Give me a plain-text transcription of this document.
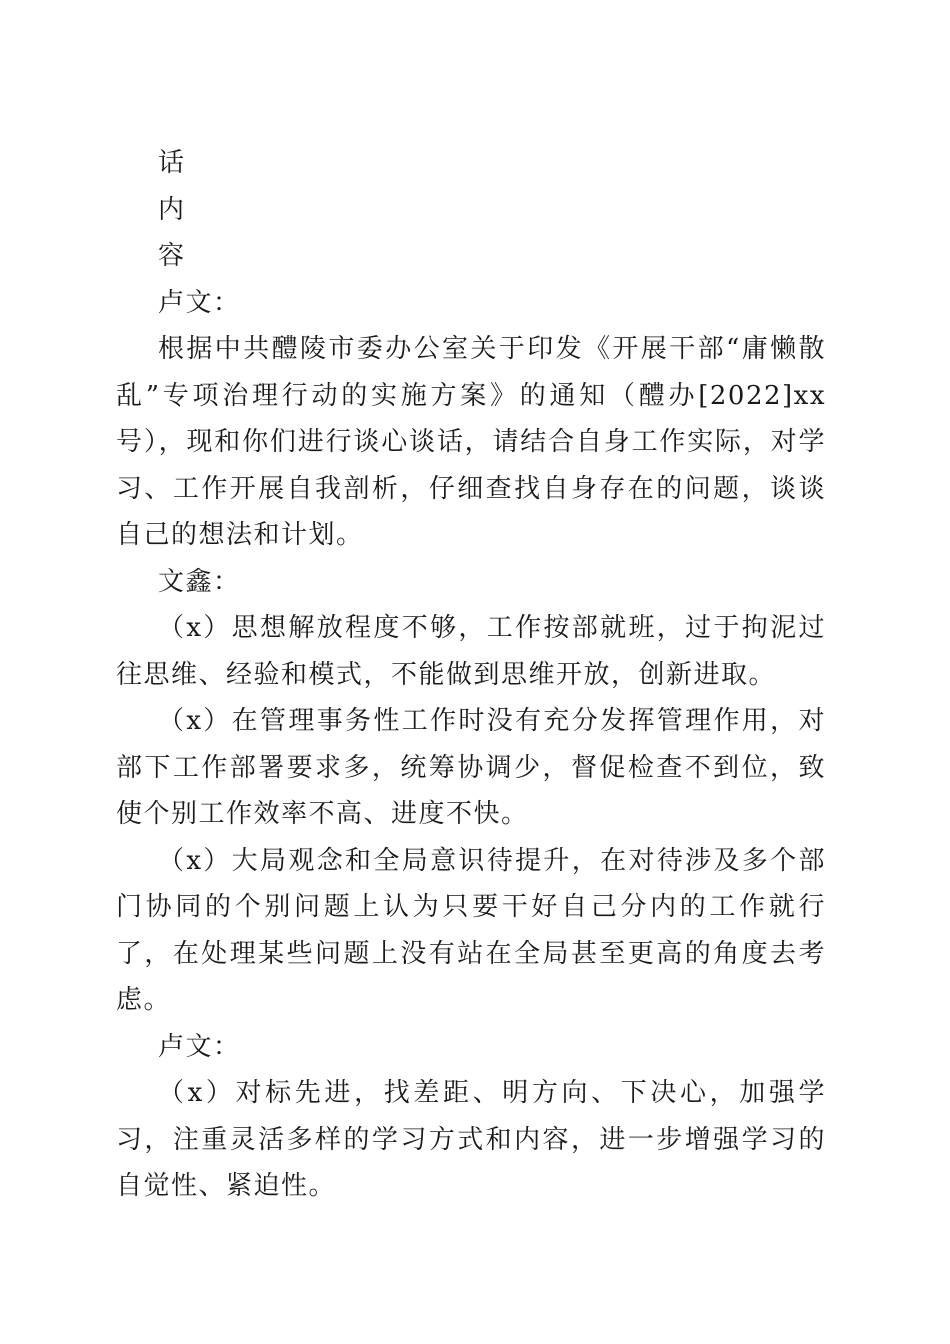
话
内
容
卢文：

根据中共醴陵市委办公室关于印发《开展干部“庸懒散乱”专项治理行动的实施方案》的通知（醴办[2022]xx号），现和你们进行谈心谈话，请结合自身工作实际，对学习、工作开展自我剖析，仔细查找自身存在的问题，谈谈自己的想法和计划。

文鑫：

（x）思想解放程度不够，工作按部就班，过于拘泥过往思维、经验和模式，不能做到思维开放，创新进取。

（x）在管理事务性工作时没有充分发挥管理作用，对部下工作部署要求多，统筹协调少，督促检查不到位，致使个别工作效率不高、进度不快。

（x）大局观念和全局意识待提升，在对待涉及多个部门协同的个别问题上认为只要干好自己分内的工作就行了，在处理某些问题上没有站在全局甚至更高的角度去考虑。

卢文：

（x）对标先进，找差距、明方向、下决心，加强学习，注重灵活多样的学习方式和内容，进一步增强学习的自觉性、紧迫性。
